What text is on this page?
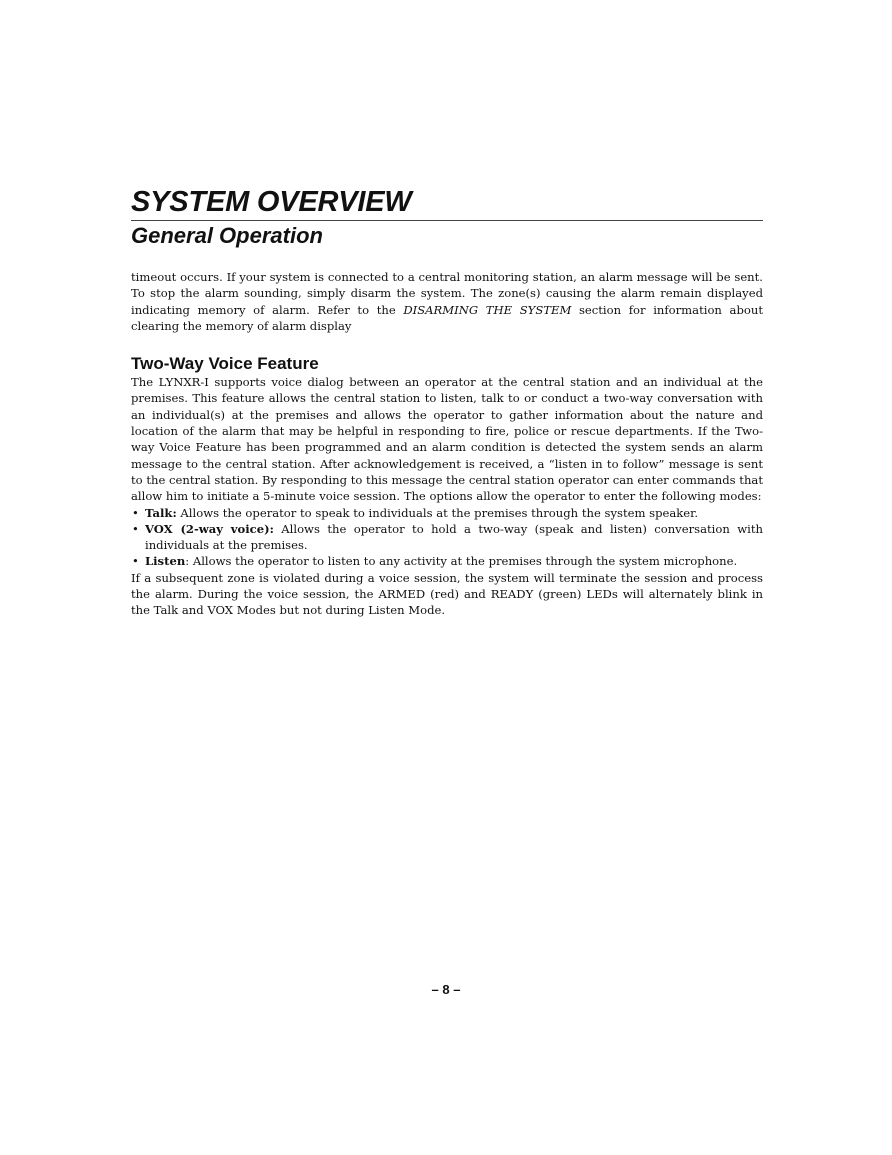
SYSTEM OVERVIEW
General Operation

timeout occurs. If your system is connected to a central monitoring station, an alarm message will be sent. To stop the alarm sounding, simply disarm the system. The zone(s) causing the alarm remain displayed indicating memory of alarm. Refer to the DISARMING THE SYSTEM section for information about clearing the memory of alarm display

Two-Way Voice Feature

The LYNXR-I supports voice dialog between an operator at the central station and an individual at the premises. This feature allows the central station to listen, talk to or conduct a two-way conversation with an individual(s) at the premises and allows the operator to gather information about the nature and location of the alarm that may be helpful in responding to fire, police or rescue departments. If the Two-way Voice Feature has been programmed and an alarm condition is detected the system sends an alarm message to the central station. After acknowledgement is received, a “listen in to follow” message is sent to the central station. By responding to this message the central station operator can enter commands that allow him to initiate a 5-minute voice session. The options allow the operator to enter the following modes:

• Talk: Allows the operator to speak to individuals at the premises through the system speaker.
• VOX (2-way voice): Allows the operator to hold a two-way (speak and listen) conversation with individuals at the premises.
• Listen: Allows the operator to listen to any activity at the premises through the system microphone.

If a subsequent zone is violated during a voice session, the system will terminate the session and process the alarm. During the voice session, the ARMED (red) and READY (green) LEDs will alternately blink in the Talk and VOX Modes but not during Listen Mode.

– 8 –
